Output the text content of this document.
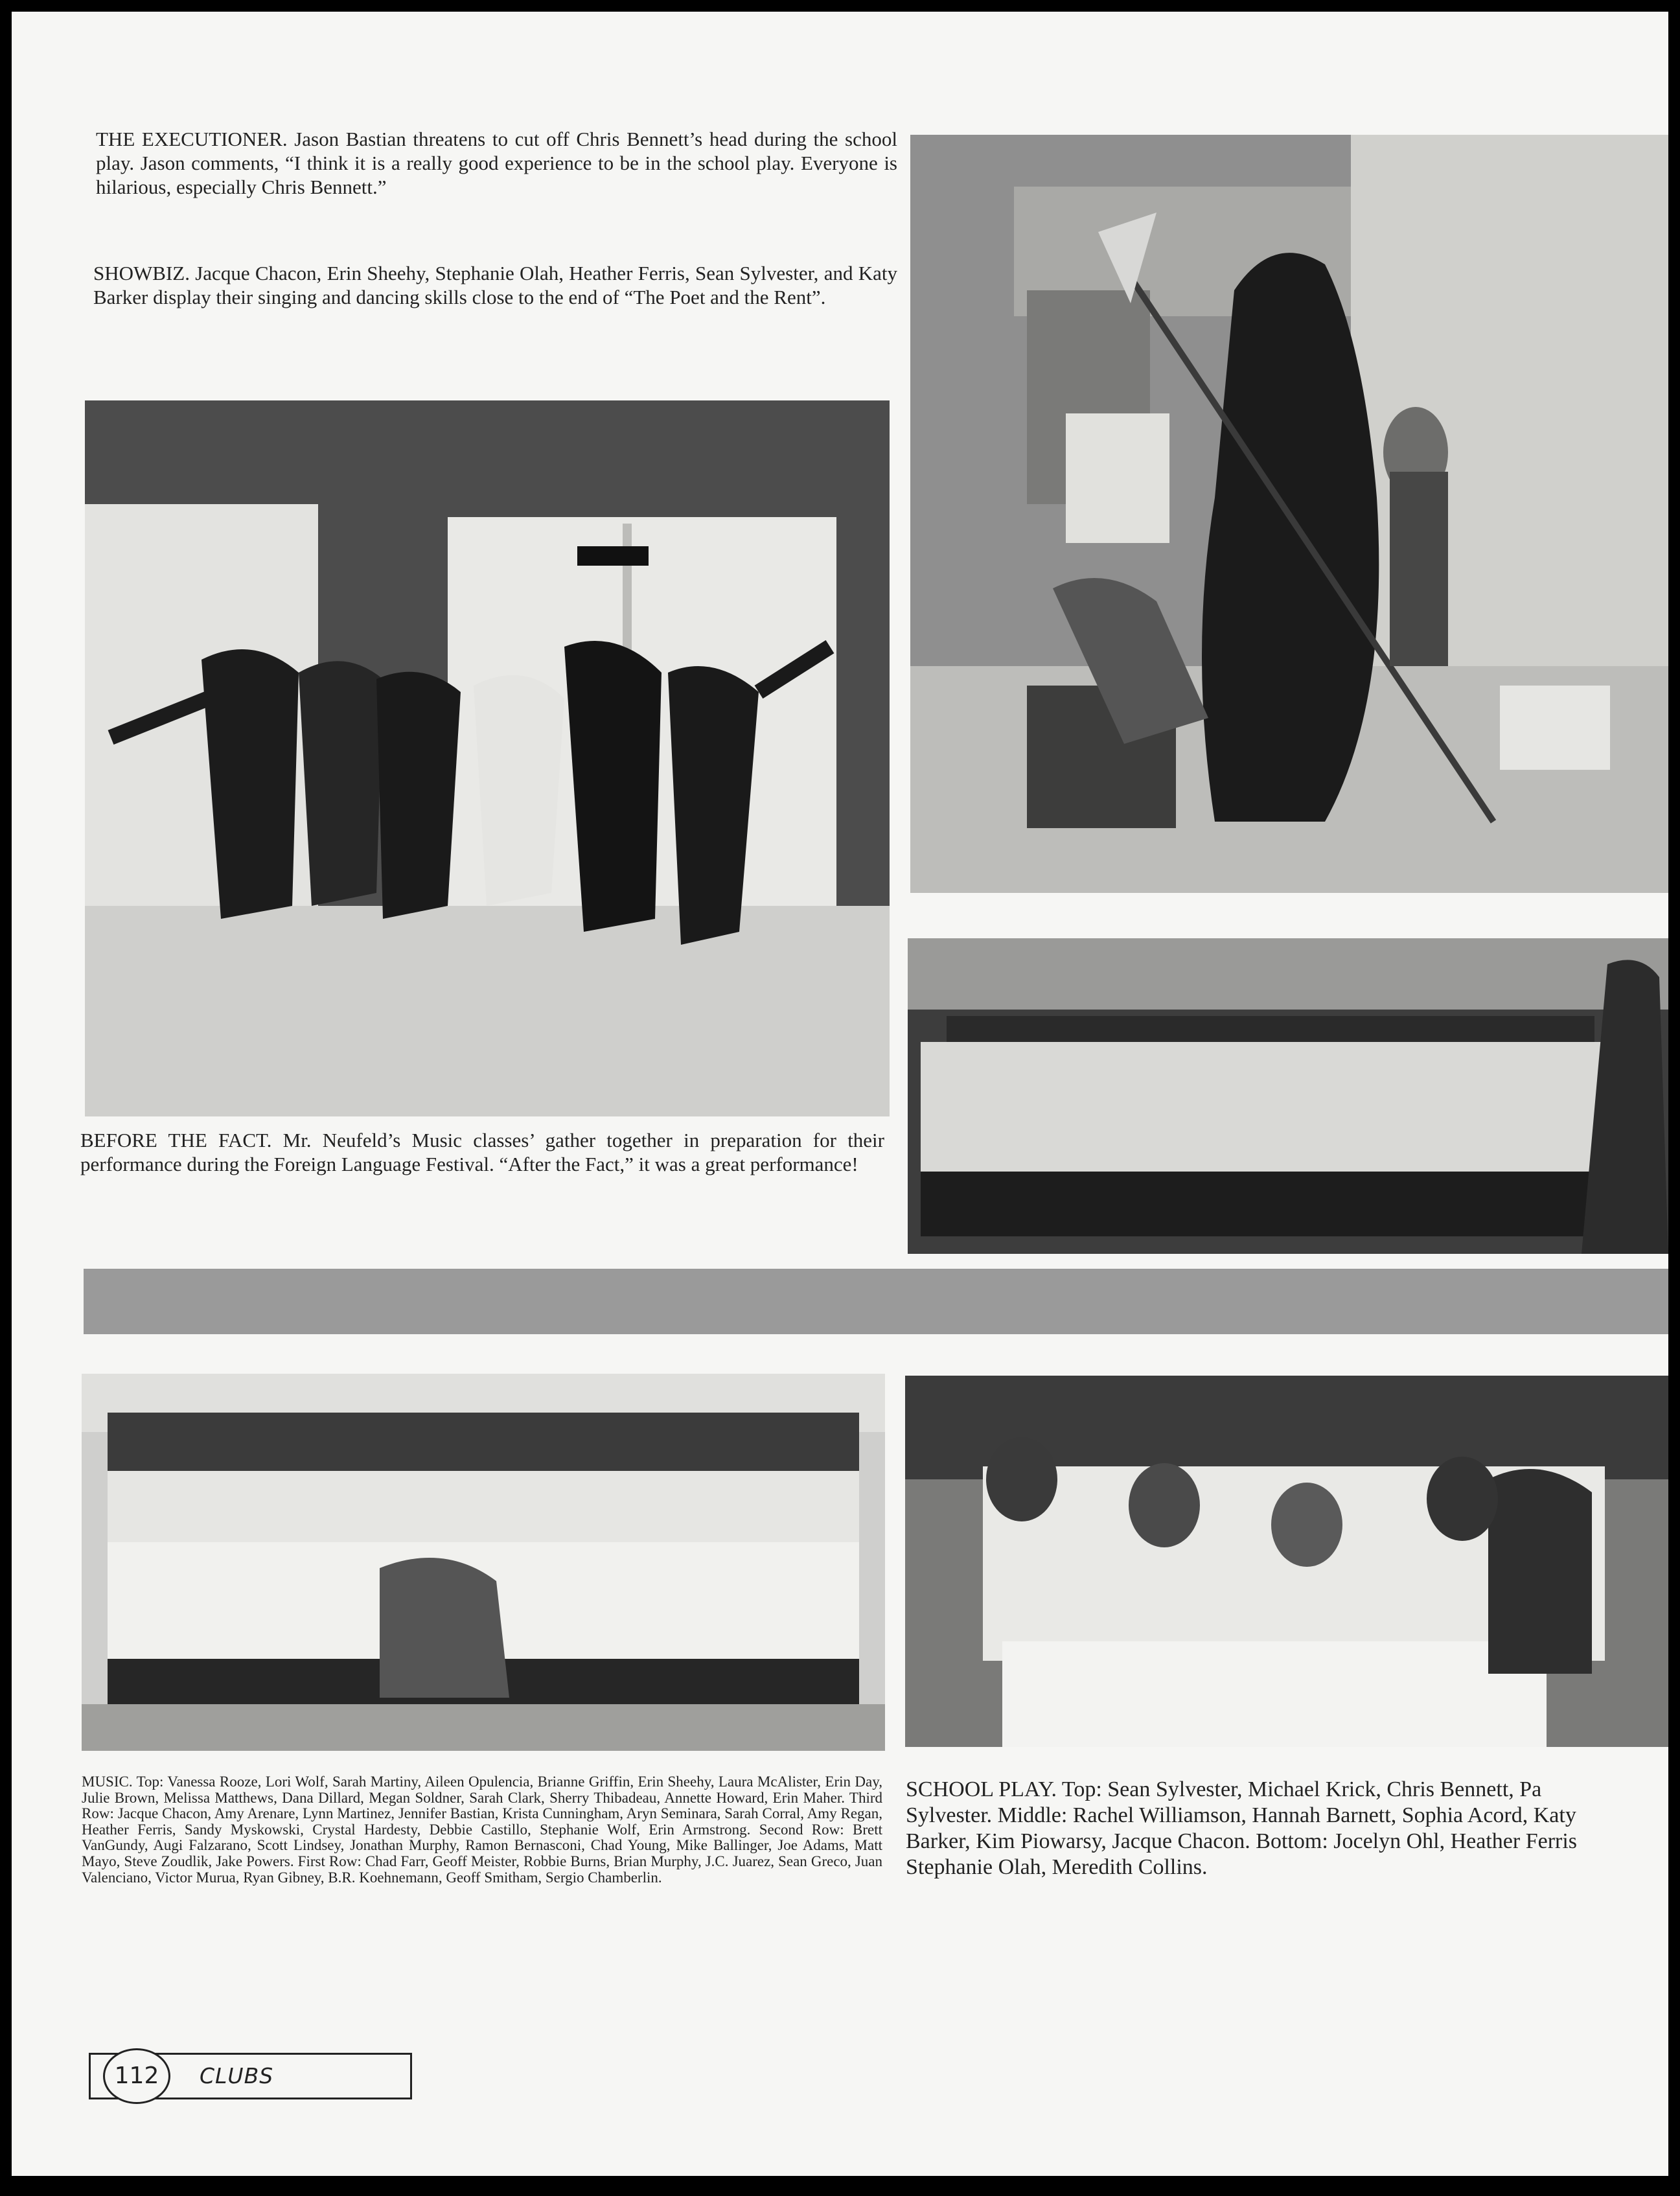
THE EXECUTIONER. Jason Bastian threatens to cut off Chris Bennett’s head during the school play. Jason comments, “I think it is a really good experience to be in the school play. Everyone is hilarious, especially Chris Bennett.”
SHOWBIZ. Jacque Chacon, Erin Sheehy, Stephanie Olah, Heather Ferris, Sean Sylvester, and Katy Barker display their singing and dancing skills close to the end of “The Poet and the Rent”.
BEFORE THE FACT. Mr. Neufeld’s Music classes’ gather together in preparation for their performance during the Foreign Language Festival. “After the Fact,” it was a great performance!
MUSIC. Top: Vanessa Rooze, Lori Wolf, Sarah Martiny, Aileen Opulencia, Brianne Griffin, Erin Sheehy, Laura McAlister, Erin Day, Julie Brown, Melissa Matthews, Dana Dillard, Megan Soldner, Sarah Clark, Sherry Thibadeau, Annette Howard, Erin Maher. Third Row: Jacque Chacon, Amy Arenare, Lynn Martinez, Jennifer Bastian, Krista Cunningham, Aryn Seminara, Sarah Corral, Amy Regan, Heather Ferris, Sandy Myskowski, Crystal Hardesty, Debbie Castillo, Stephanie Wolf, Erin Armstrong. Second Row: Brett VanGundy, Augi Falzarano, Scott Lindsey, Jonathan Murphy, Ramon Bernasconi, Chad Young, Mike Ballinger, Joe Adams, Matt Mayo, Steve Zoudlik, Jake Powers. First Row: Chad Farr, Geoff Meister, Robbie Burns, Brian Murphy, J.C. Juarez, Sean Greco, Juan Valenciano, Victor Murua, Ryan Gibney, B.R. Koehnemann, Geoff Smitham, Sergio Chamberlin.
SCHOOL PLAY. Top: Sean Sylvester, Michael Krick, Chris Bennett, Pa
Sylvester. Middle: Rachel Williamson, Hannah Barnett, Sophia Acord, Katy
Barker, Kim Piowarsy, Jacque Chacon. Bottom: Jocelyn Ohl, Heather Ferris
Stephanie Olah, Meredith Collins.
112	CLUBS
